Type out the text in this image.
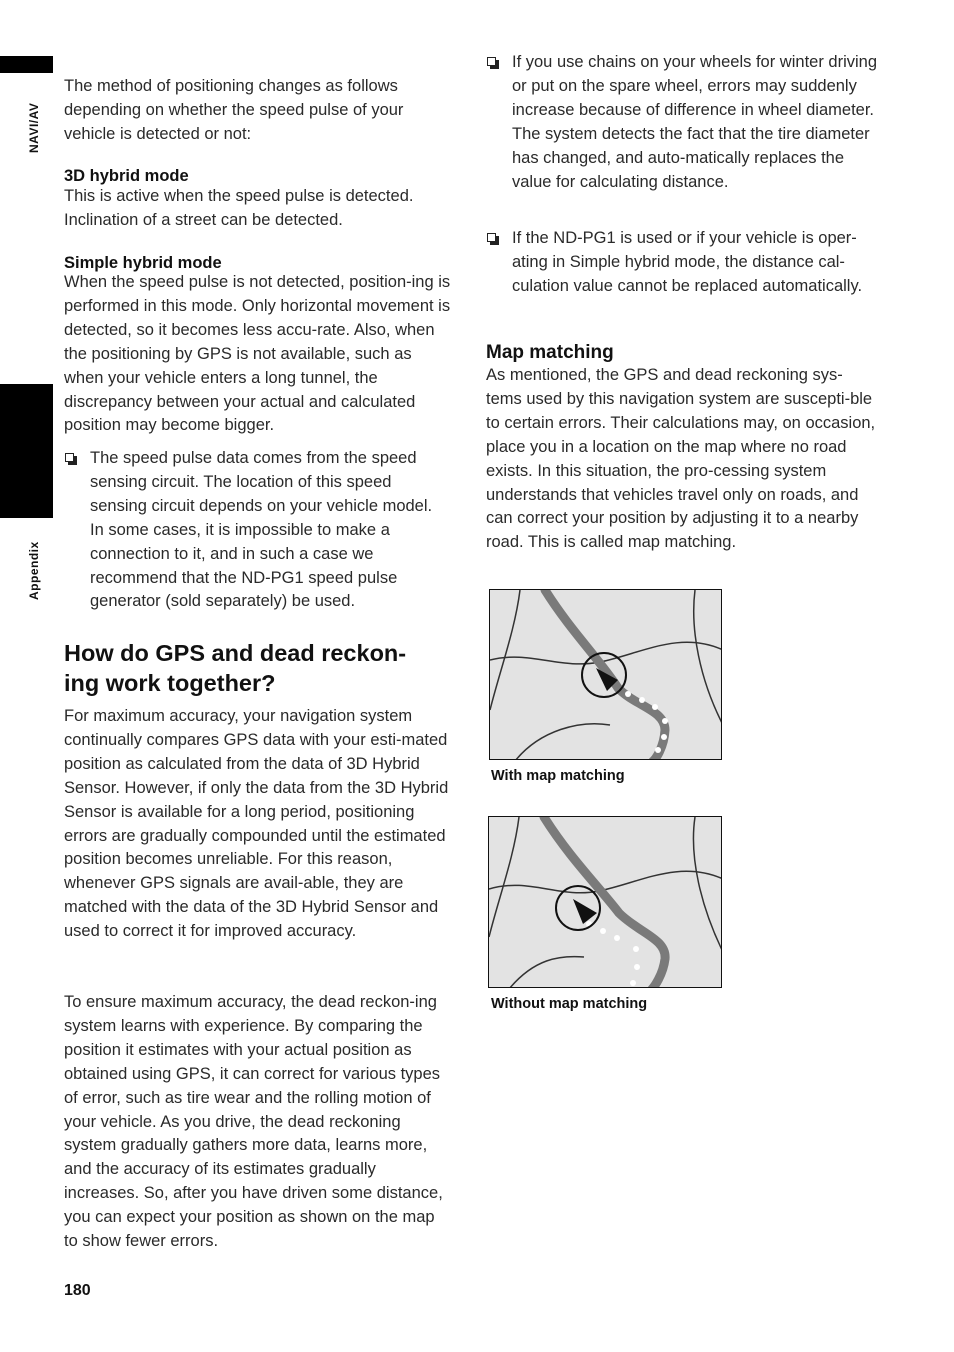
NAVI/AV
Appendix

The method of positioning changes as follows depending on whether the speed pulse of your vehicle is detected or not:

3D hybrid mode

This is active when the speed pulse is detected. Inclination of a street can be detected.

Simple hybrid mode

When the speed pulse is not detected, position-ing is performed in this mode. Only horizontal movement is detected, so it becomes less accu-rate. Also, when the positioning by GPS is not available, such as when your vehicle enters a long tunnel, the discrepancy between your actual and calculated position may become bigger.

The speed pulse data comes from the speed sensing circuit. The location of this speed sensing circuit depends on your vehicle model. In some cases, it is impossible to make a connection to it, and in such a case we recommend that the ND-PG1 speed pulse generator (sold separately) be used.
How do GPS and dead reckon-ing work together?

For maximum accuracy, your navigation system continually compares GPS data with your esti-mated position as calculated from the data of 3D Hybrid Sensor. However, if only the data from the 3D Hybrid Sensor is available for a long period, positioning errors are gradually compounded until the estimated position becomes unreliable. For this reason, whenever GPS signals are avail-able, they are matched with the data of the 3D Hybrid Sensor and used to correct it for improved accuracy.

To ensure maximum accuracy, the dead reckon-ing system learns with experience. By comparing the position it estimates with your actual position as obtained using GPS, it can correct for various types of error, such as tire wear and the rolling motion of your vehicle. As you drive, the dead reckoning system gradually gathers more data, learns more, and the accuracy of its estimates gradually increases. So, after you have driven some distance, you can expect your position as shown on the map to show fewer errors.

If you use chains on your wheels for winter driving or put on the spare wheel, errors may suddenly increase because of difference in wheel diameter. The system detects the fact that the tire diameter has changed, and auto-matically replaces the value for calculating distance.
If the ND-PG1 is used or if your vehicle is oper-ating in Simple hybrid mode, the distance cal-culation value cannot be replaced automatically.
Map matching

As mentioned, the GPS and dead reckoning sys-tems used by this navigation system are suscepti-ble to certain errors. Their calculations may, on occasion, place you in a location on the map where no road exists. In this situation, the pro-cessing system understands that vehicles travel only on roads, and can correct your position by adjusting it to a nearby road. This is called map matching.

With map matching
Without map matching
180
